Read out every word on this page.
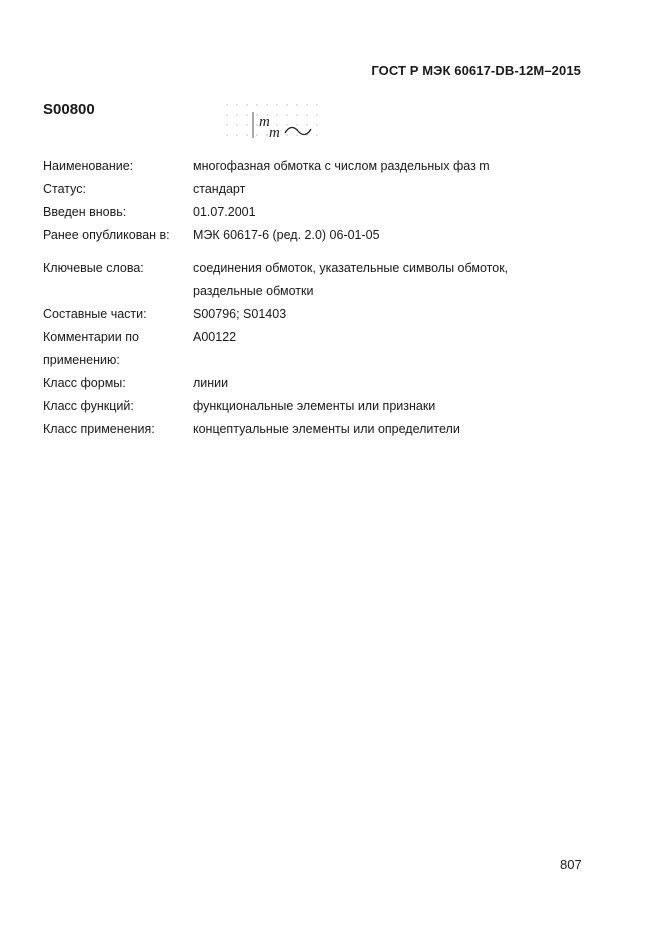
ГОСТ Р МЭК 60617-DB-12M–2015
S00800
m
m
Наименование:	многофазная обмотка с числом раздельных фаз m
Статус:	стандарт
Введен вновь:	01.07.2001
Ранее опубликован в:	МЭК 60617-6 (ред. 2.0) 06-01-05
Ключевые слова:	соединения обмоток, указательные символы обмоток,
раздельные обмотки
Составные части:	S00796; S01403
Комментарии по
применению:
A00122
Класс формы:	линии
Класс функций:	функциональные элементы или признаки
Класс применения:	концептуальные элементы или определители
807
